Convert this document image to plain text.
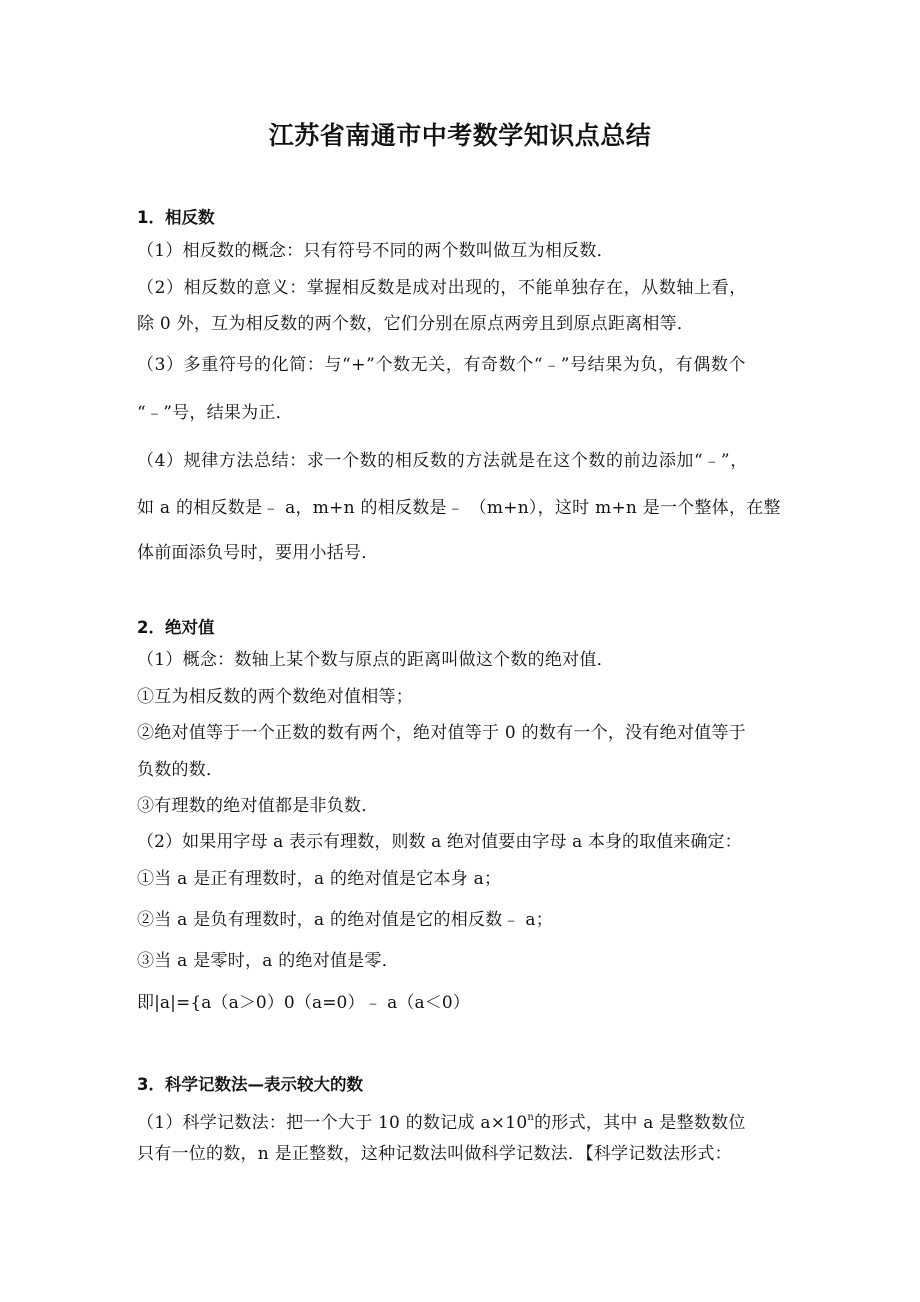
江苏省南通市中考数学知识点总结
1．相反数
（1）相反数的概念：只有符号不同的两个数叫做互为相反数．
（2）相反数的意义：掌握相反数是成对出现的，不能单独存在，从数轴上看，
除 0 外，互为相反数的两个数，它们分别在原点两旁且到原点距离相等．
（3）多重符号的化简：与“+”个数无关，有奇数个“﹣”号结果为负，有偶数个
“﹣”号，结果为正．
（4）规律方法总结：求一个数的相反数的方法就是在这个数的前边添加“﹣”，
如 a 的相反数是﹣ a，m+n 的相反数是﹣ （m+n），这时 m+n 是一个整体，在整
体前面添负号时，要用小括号．
2．绝对值
（1）概念：数轴上某个数与原点的距离叫做这个数的绝对值．
①互为相反数的两个数绝对值相等；
②绝对值等于一个正数的数有两个，绝对值等于 0 的数有一个，没有绝对值等于
负数的数．
③有理数的绝对值都是非负数．
（2）如果用字母 a 表示有理数，则数 a 绝对值要由字母 a 本身的取值来确定：
①当 a 是正有理数时，a 的绝对值是它本身 a；
②当 a 是负有理数时，a 的绝对值是它的相反数﹣ a；
③当 a 是零时，a 的绝对值是零．
即|a|={a（a＞0）0（a=0）﹣ a（a＜0）
3．科学记数法—表示较大的数
（1）科学记数法：把一个大于 10 的数记成 $a\times 10^n$的形式，其中 a 是整数数位
只有一位的数，n 是正整数，这种记数法叫做科学记数法．【科学记数法形式：
